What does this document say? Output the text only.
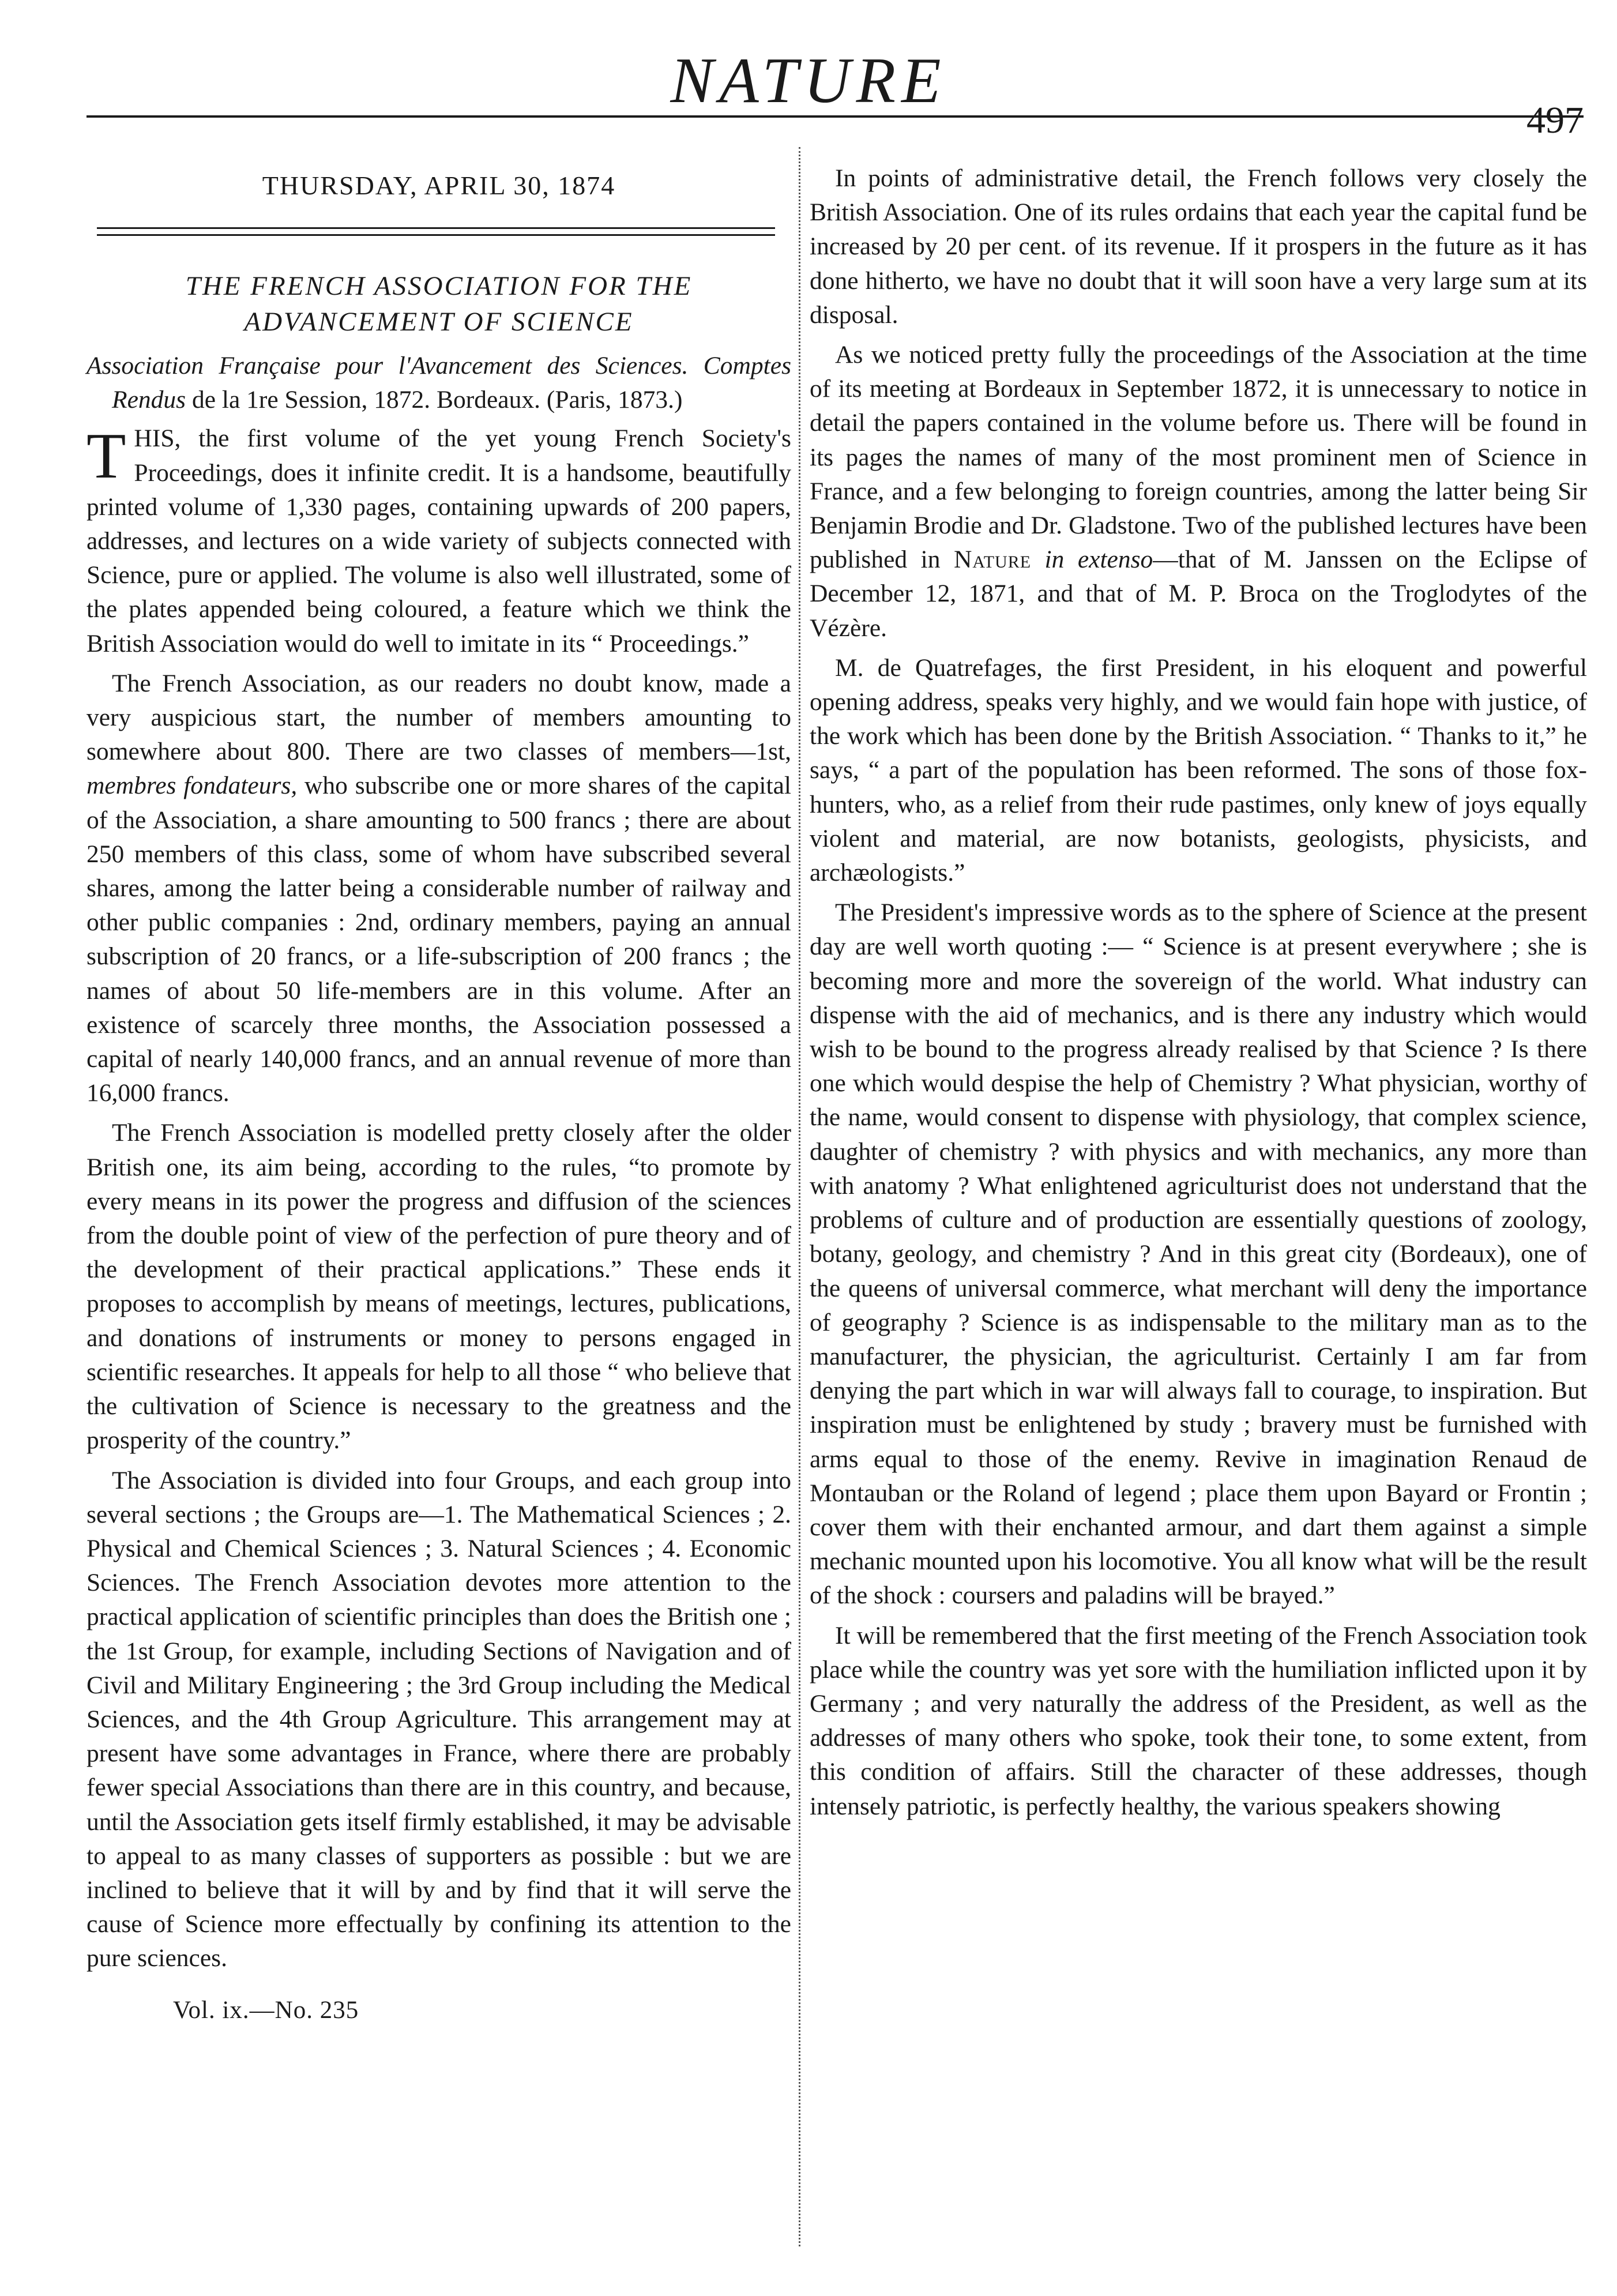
NATURE
497
THURSDAY, APRIL 30, 1874
THE FRENCH ASSOCIATION FOR THE
ADVANCEMENT OF SCIENCE
Association Française pour l'Avancement des Sciences. Comptes Rendus de la 1re Session, 1872. Bordeaux. (Paris, 1873.)

THIS, the first volume of the yet young French Society's Proceedings, does it infinite credit. It is a handsome, beautifully printed volume of 1,330 pages, containing upwards of 200 papers, addresses, and lectures on a wide variety of subjects connected with Science, pure or applied. The volume is also well illustrated, some of the plates appended being coloured, a feature which we think the British Association would do well to imitate in its “ Proceedings.”

The French Association, as our readers no doubt know, made a very auspicious start, the number of members amounting to somewhere about 800. There are two classes of members—1st, membres fondateurs, who subscribe one or more shares of the capital of the Association, a share amounting to 500 francs ; there are about 250 members of this class, some of whom have subscribed several shares, among the latter being a considerable number of railway and other public companies : 2nd, ordinary members, paying an annual subscription of 20 francs, or a life-subscription of 200 francs ; the names of about 50 life-members are in this volume. After an existence of scarcely three months, the Association possessed a capital of nearly 140,000 francs, and an annual revenue of more than 16,000 francs.

The French Association is modelled pretty closely after the older British one, its aim being, according to the rules, “to promote by every means in its power the progress and diffusion of the sciences from the double point of view of the perfection of pure theory and of the development of their practical applications.” These ends it proposes to accomplish by means of meetings, lectures, publications, and donations of instruments or money to persons engaged in scientific researches. It appeals for help to all those “ who believe that the cultivation of Science is necessary to the greatness and the prosperity of the country.”

The Association is divided into four Groups, and each group into several sections ; the Groups are—1. The Mathematical Sciences ; 2. Physical and Chemical Sciences ; 3. Natural Sciences ; 4. Economic Sciences. The French Association devotes more attention to the practical application of scientific principles than does the British one ; the 1st Group, for example, including Sections of Navigation and of Civil and Military Engineering ; the 3rd Group including the Medical Sciences, and the 4th Group Agriculture. This arrangement may at present have some advantages in France, where there are probably fewer special Associations than there are in this country, and because, until the Association gets itself firmly established, it may be advisable to appeal to as many classes of supporters as possible : but we are inclined to believe that it will by and by find that it will serve the cause of Science more effectually by confining its attention to the pure sciences.

Vol. ix.—No. 235

In points of administrative detail, the French follows very closely the British Association. One of its rules ordains that each year the capital fund be increased by 20 per cent. of its revenue. If it prospers in the future as it has done hitherto, we have no doubt that it will soon have a very large sum at its disposal.

As we noticed pretty fully the proceedings of the Association at the time of its meeting at Bordeaux in September 1872, it is unnecessary to notice in detail the papers contained in the volume before us. There will be found in its pages the names of many of the most prominent men of Science in France, and a few belonging to foreign countries, among the latter being Sir Benjamin Brodie and Dr. Gladstone. Two of the published lectures have been published in Nature in extenso—that of M. Janssen on the Eclipse of December 12, 1871, and that of M. P. Broca on the Troglodytes of the Vézère.

M. de Quatrefages, the first President, in his eloquent and powerful opening address, speaks very highly, and we would fain hope with justice, of the work which has been done by the British Association. “ Thanks to it,” he says, “ a part of the population has been reformed. The sons of those fox-hunters, who, as a relief from their rude pastimes, only knew of joys equally violent and material, are now botanists, geologists, physicists, and archæologists.”

The President's impressive words as to the sphere of Science at the present day are well worth quoting :— “ Science is at present everywhere ; she is becoming more and more the sovereign of the world. What industry can dispense with the aid of mechanics, and is there any industry which would wish to be bound to the progress already realised by that Science ? Is there one which would despise the help of Chemistry ? What physician, worthy of the name, would consent to dispense with physiology, that complex science, daughter of chemistry ? with physics and with mechanics, any more than with anatomy ? What enlightened agriculturist does not understand that the problems of culture and of production are essentially questions of zoology, botany, geology, and chemistry ? And in this great city (Bordeaux), one of the queens of universal commerce, what merchant will deny the importance of geography ? Science is as indispensable to the military man as to the manufacturer, the physician, the agriculturist. Certainly I am far from denying the part which in war will always fall to courage, to inspiration. But inspiration must be enlightened by study ; bravery must be furnished with arms equal to those of the enemy. Revive in imagination Renaud de Montauban or the Roland of legend ; place them upon Bayard or Frontin ; cover them with their enchanted armour, and dart them against a simple mechanic mounted upon his locomotive. You all know what will be the result of the shock : coursers and paladins will be brayed.”

It will be remembered that the first meeting of the French Association took place while the country was yet sore with the humiliation inflicted upon it by Germany ; and very naturally the address of the President, as well as the addresses of many others who spoke, took their tone, to some extent, from this condition of affairs. Still the character of these addresses, though intensely patriotic, is perfectly healthy, the various speakers showing
